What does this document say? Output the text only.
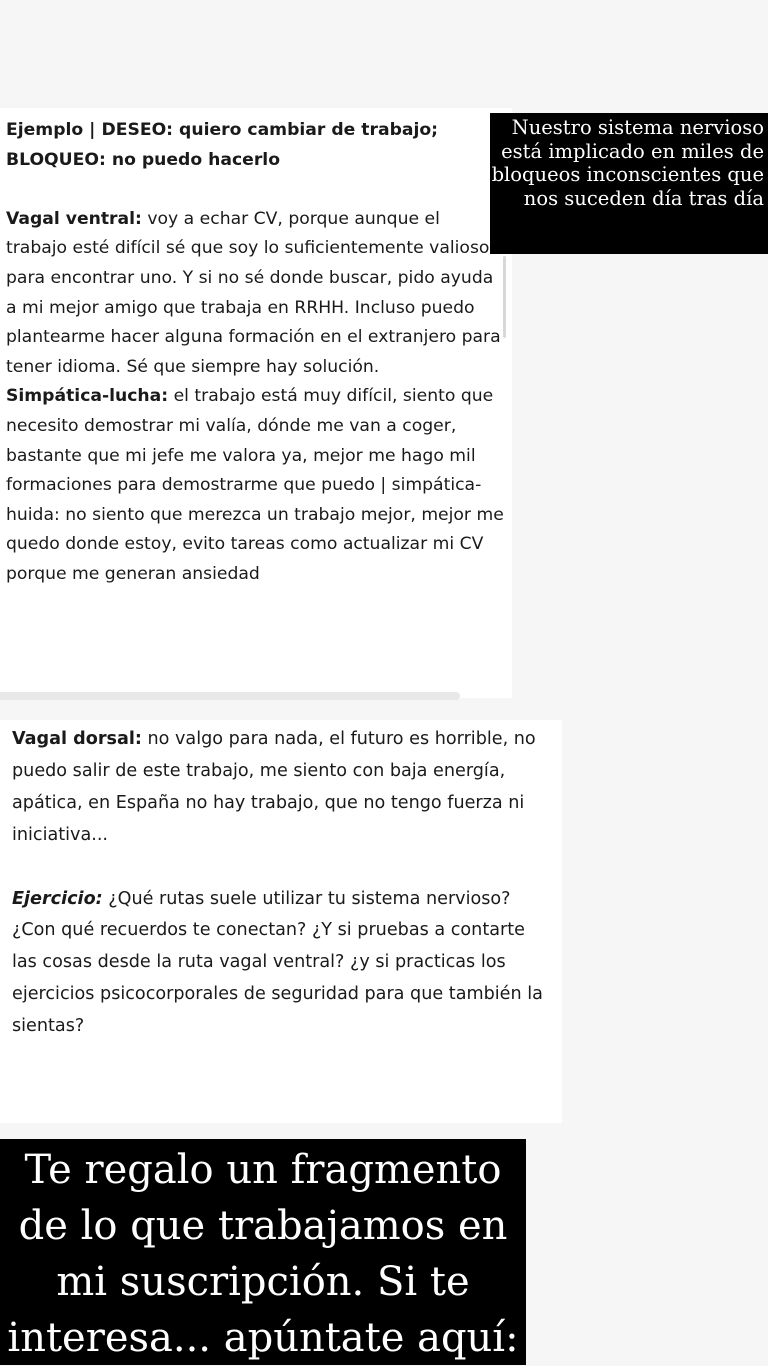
Ejemplo | DESEO: quiero cambiar de trabajo;
BLOQUEO: no puedo hacerlo

Vagal ventral: voy a echar CV, porque aunque el trabajo esté difícil sé que soy lo suficientemente valioso para encontrar uno. Y si no sé donde buscar, pido ayuda a mi mejor amigo que trabaja en RRHH. Incluso puedo plantearme hacer alguna formación en el extranjero para tener idioma. Sé que siempre hay solución.

Simpática-lucha: el trabajo está muy difícil, siento que necesito demostrar mi valía, dónde me van a coger, bastante que mi jefe me valora ya, mejor me hago mil formaciones para demostrarme que puedo | simpática-huida: no siento que merezca un trabajo mejor, mejor me quedo donde estoy, evito tareas como actualizar mi CV porque me generan ansiedad

Nuestro sistema nervioso está implicado en miles de bloqueos inconscientes que nos suceden día tras día

Vagal dorsal: no valgo para nada, el futuro es horrible, no puedo salir de este trabajo, me siento con baja energía, apática, en España no hay trabajo, que no tengo fuerza ni iniciativa...

Ejercicio: ¿Qué rutas suele utilizar tu sistema nervioso? ¿Con qué recuerdos te conectan? ¿Y si pruebas a contarte las cosas desde la ruta vagal ventral? ¿y si practicas los ejercicios psicocorporales de seguridad para que también la sientas?

Te regalo un fragmento
de lo que trabajamos en
mi suscripción. Si te
interesa... apúntate aquí:
